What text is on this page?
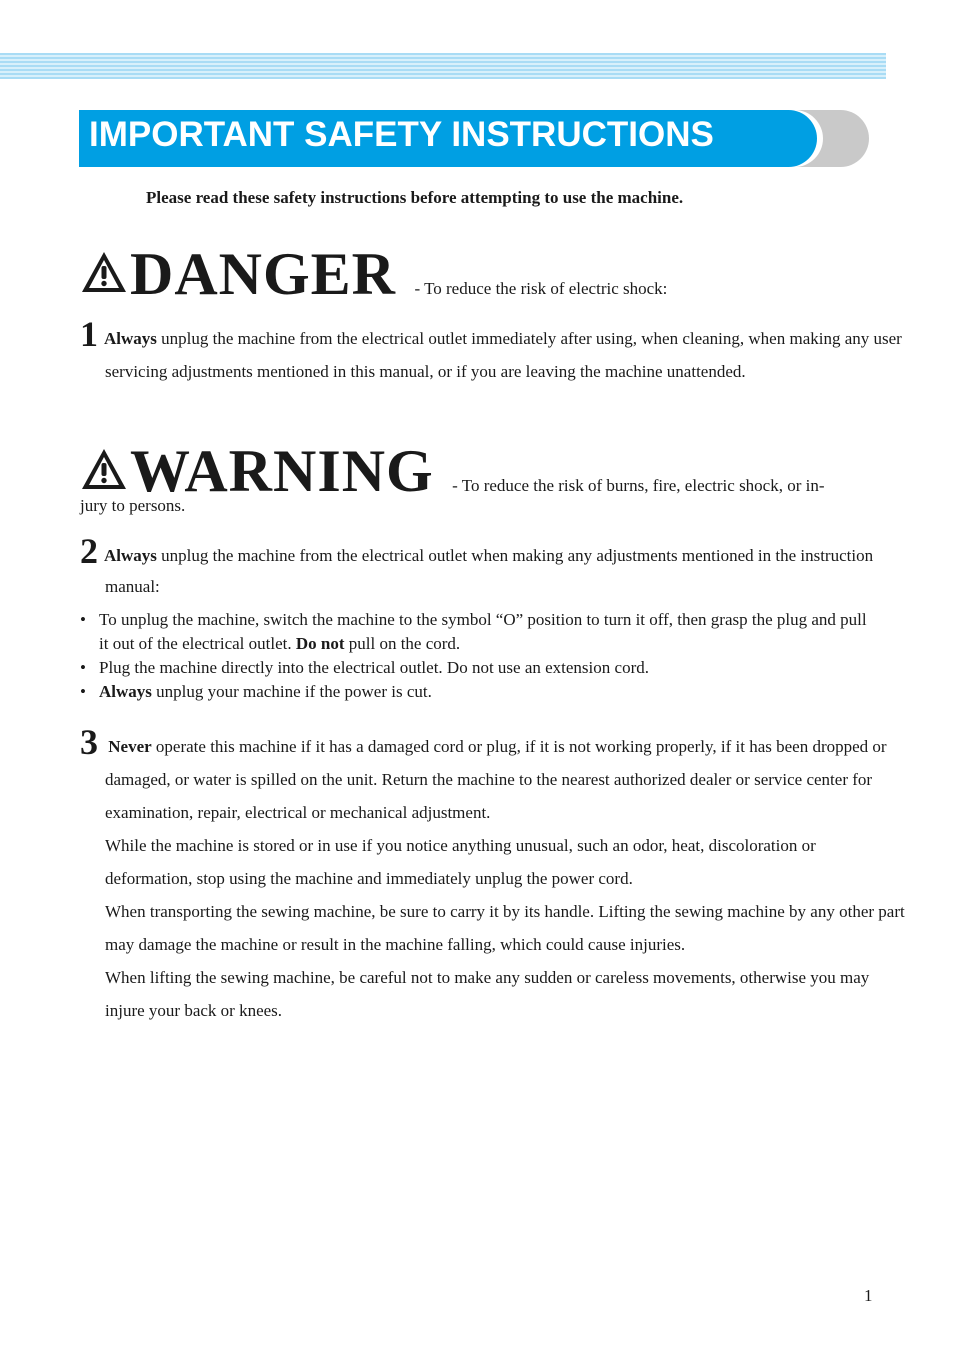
IMPORTANT SAFETY INSTRUCTIONS
Please read these safety instructions before attempting to use the machine.
DANGER - To reduce the risk of electric shock:
1 Always unplug the machine from the electrical outlet immediately after using, when cleaning, when making any user servicing adjustments mentioned in this manual, or if you are leaving the machine unattended.
WARNING - To reduce the risk of burns, fire, electric shock, or in-
jury to persons.
2 Always unplug the machine from the electrical outlet when making any adjustments mentioned in the instruction manual:
• To unplug the machine, switch the machine to the symbol “O” position to turn it off, then grasp the plug and pull it out of the electrical outlet. Do not pull on the cord.
• Plug the machine directly into the electrical outlet. Do not use an extension cord.
• Always unplug your machine if the power is cut.
3 Never operate this machine if it has a damaged cord or plug, if it is not working properly, if it has been dropped or damaged, or water is spilled on the unit. Return the machine to the nearest authorized dealer or service center for examination, repair, electrical or mechanical adjustment.
While the machine is stored or in use if you notice anything unusual, such an odor, heat, discoloration or deformation, stop using the machine and immediately unplug the power cord.
When transporting the sewing machine, be sure to carry it by its handle. Lifting the sewing machine by any other part may damage the machine or result in the machine falling, which could cause injuries.
When lifting the sewing machine, be careful not to make any sudden or careless movements, otherwise you may injure your back or knees.
1
